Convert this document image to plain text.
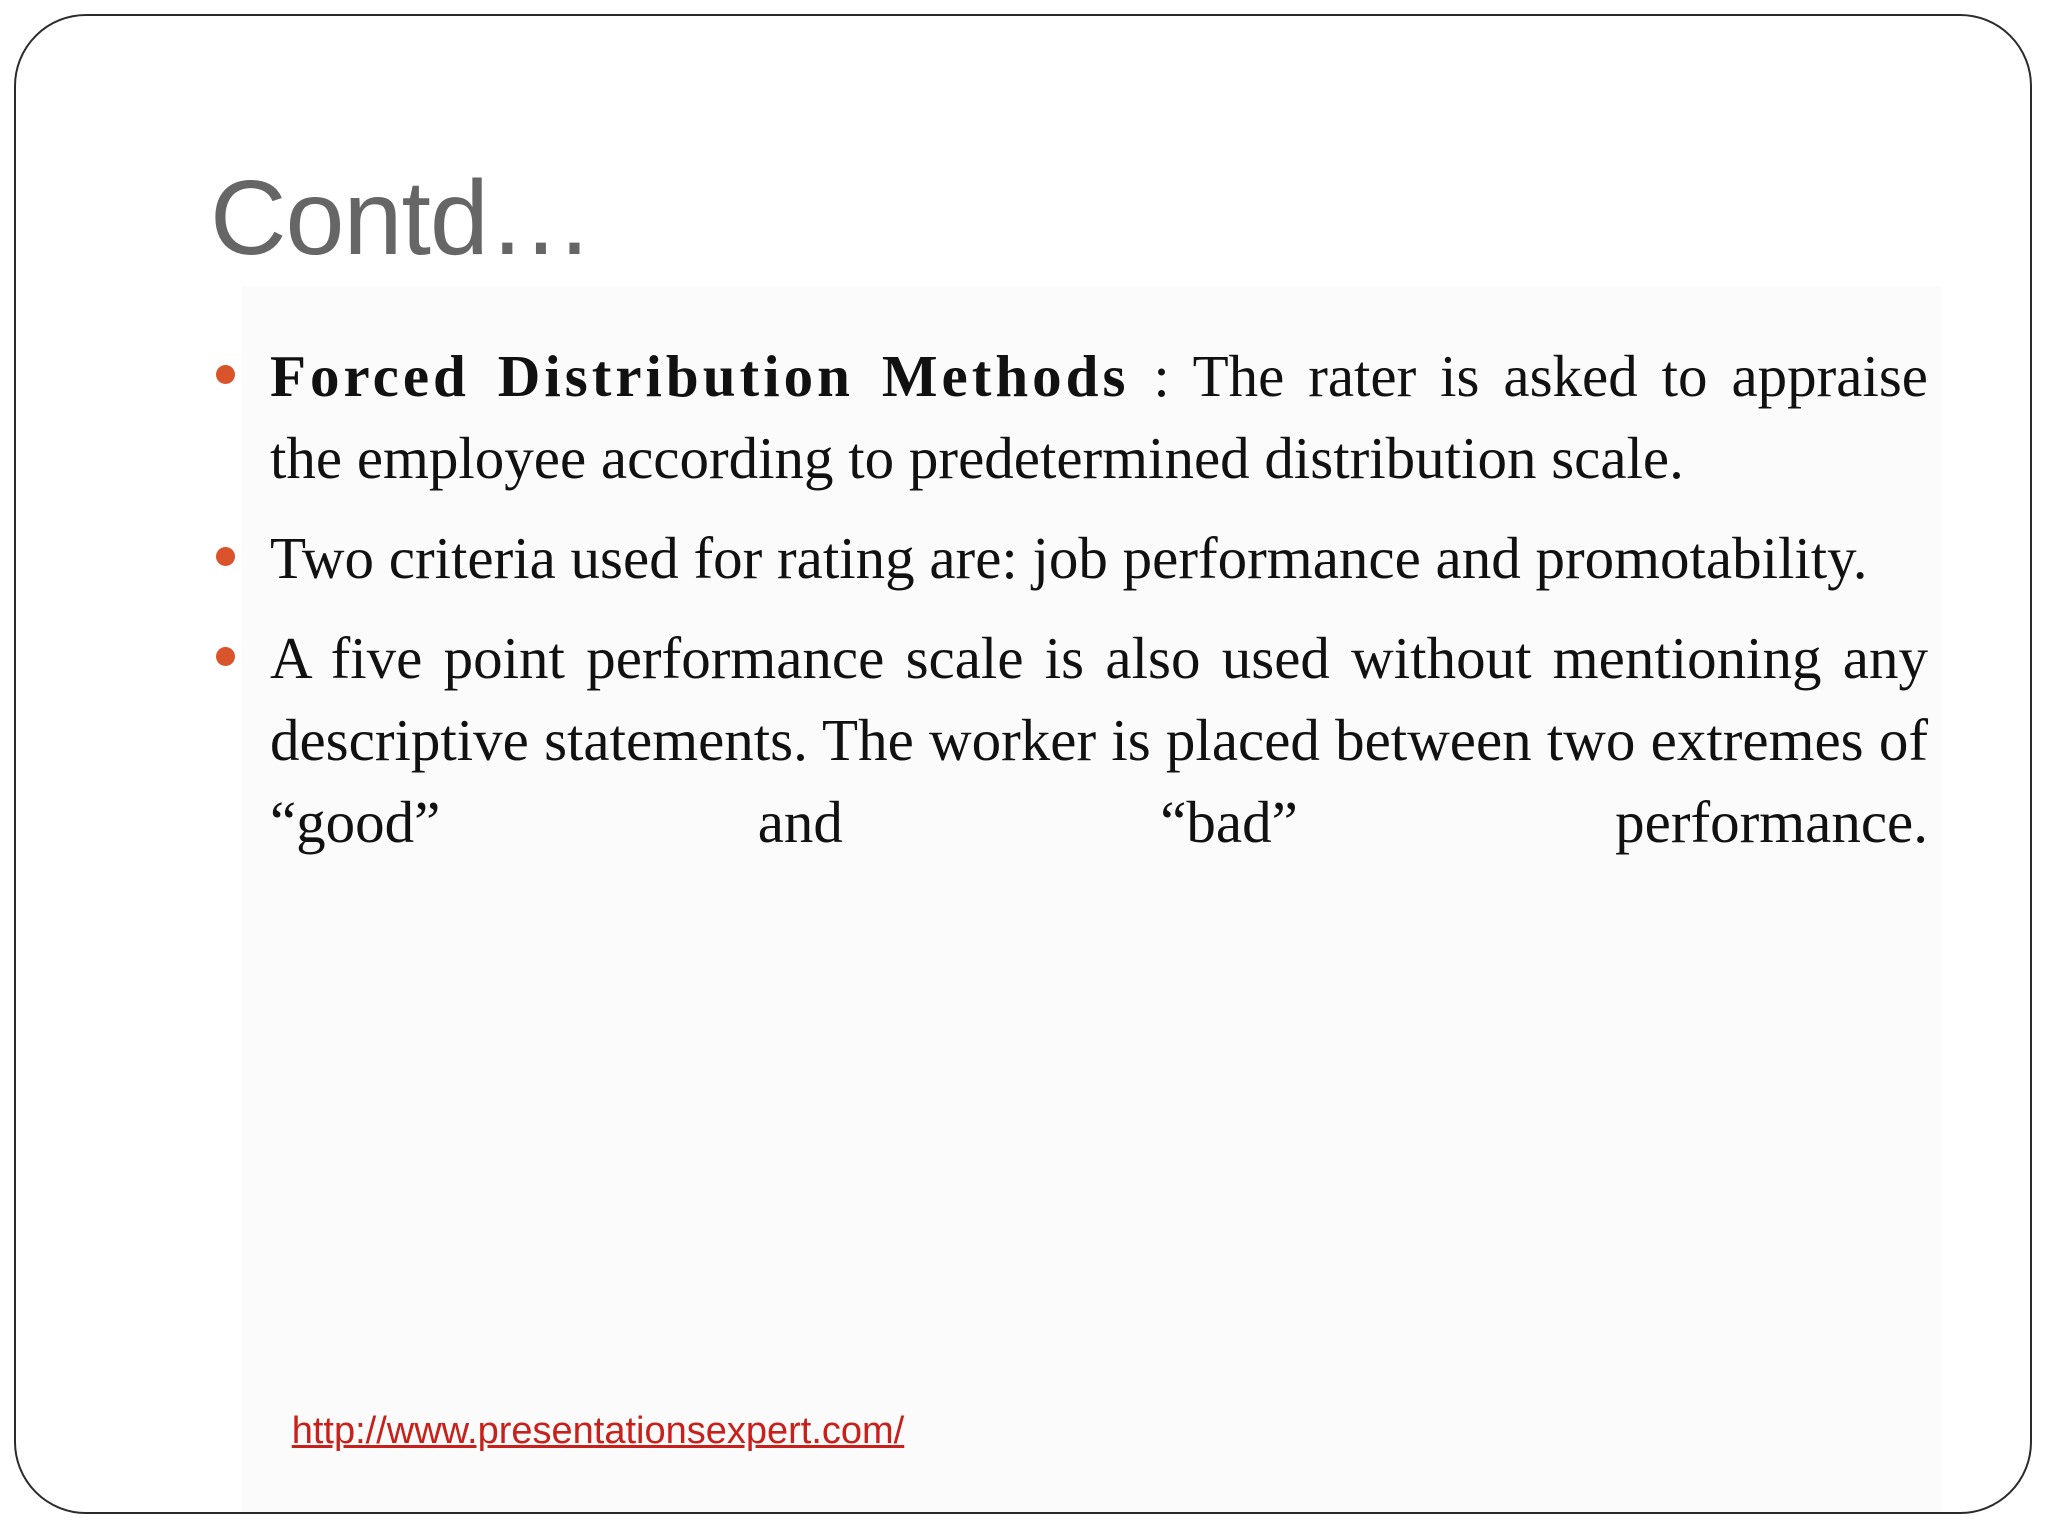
Contd…
Forced Distribution Methods : The rater is asked to appraise the employee according to predetermined distribution scale.
Two criteria used for rating are: job performance and promotability.
A five point performance scale is also used without mentioning any descriptive statements. The worker is placed between two extremes of “good” and “bad” performance.
http://www.presentationsexpert.com/
